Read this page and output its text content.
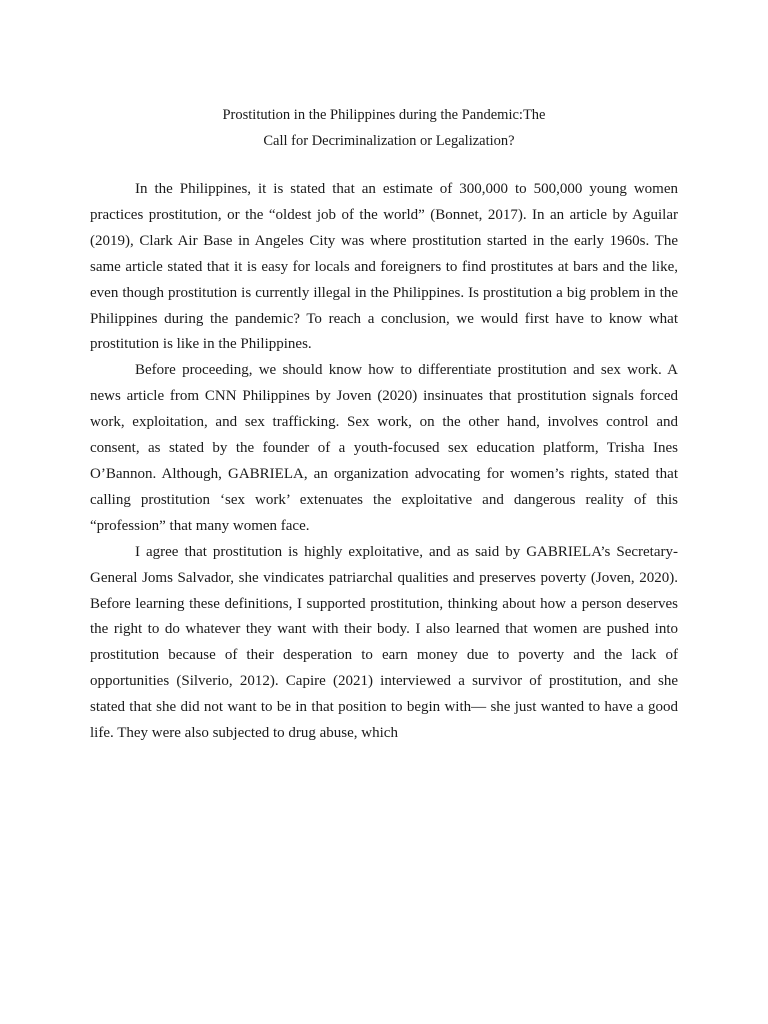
Prostitution in the Philippines during the Pandemic:The
Call for Decriminalization or Legalization?

In the Philippines, it is stated that an estimate of 300,000 to 500,000 young women practices prostitution, or the “oldest job of the world” (Bonnet, 2017). In an article by Aguilar (2019), Clark Air Base in Angeles City was where prostitution started in the early 1960s. The same article stated that it is easy for locals and foreigners to find prostitutes at bars and the like, even though prostitution is currently illegal in the Philippines. Is prostitution a big problem in the Philippines during the pandemic? To reach a conclusion, we would first have to know what prostitution is like in the Philippines.

Before proceeding, we should know how to differentiate prostitution and sex work. A news article from CNN Philippines by Joven (2020) insinuates that prostitution signals forced work, exploitation, and sex trafficking. Sex work, on the other hand, involves control and consent, as stated by the founder of a youth-focused sex education platform, Trisha Ines O’Bannon. Although, GABRIELA, an organization advocating for women’s rights, stated that calling prostitution ‘sex work’ extenuates the exploitative and dangerous reality of this “profession” that many women face.

I agree that prostitution is highly exploitative, and as said by GABRIELA’s Secretary-General Joms Salvador, she vindicates patriarchal qualities and preserves poverty (Joven, 2020). Before learning these definitions, I supported prostitution, thinking about how a person deserves the right to do whatever they want with their body. I also learned that women are pushed into prostitution because of their desperation to earn money due to poverty and the lack of opportunities (Silverio, 2012). Capire (2021) interviewed a survivor of prostitution, and she stated that she did not want to be in that position to begin with— she just wanted to have a good life. They were also subjected to drug abuse, which
